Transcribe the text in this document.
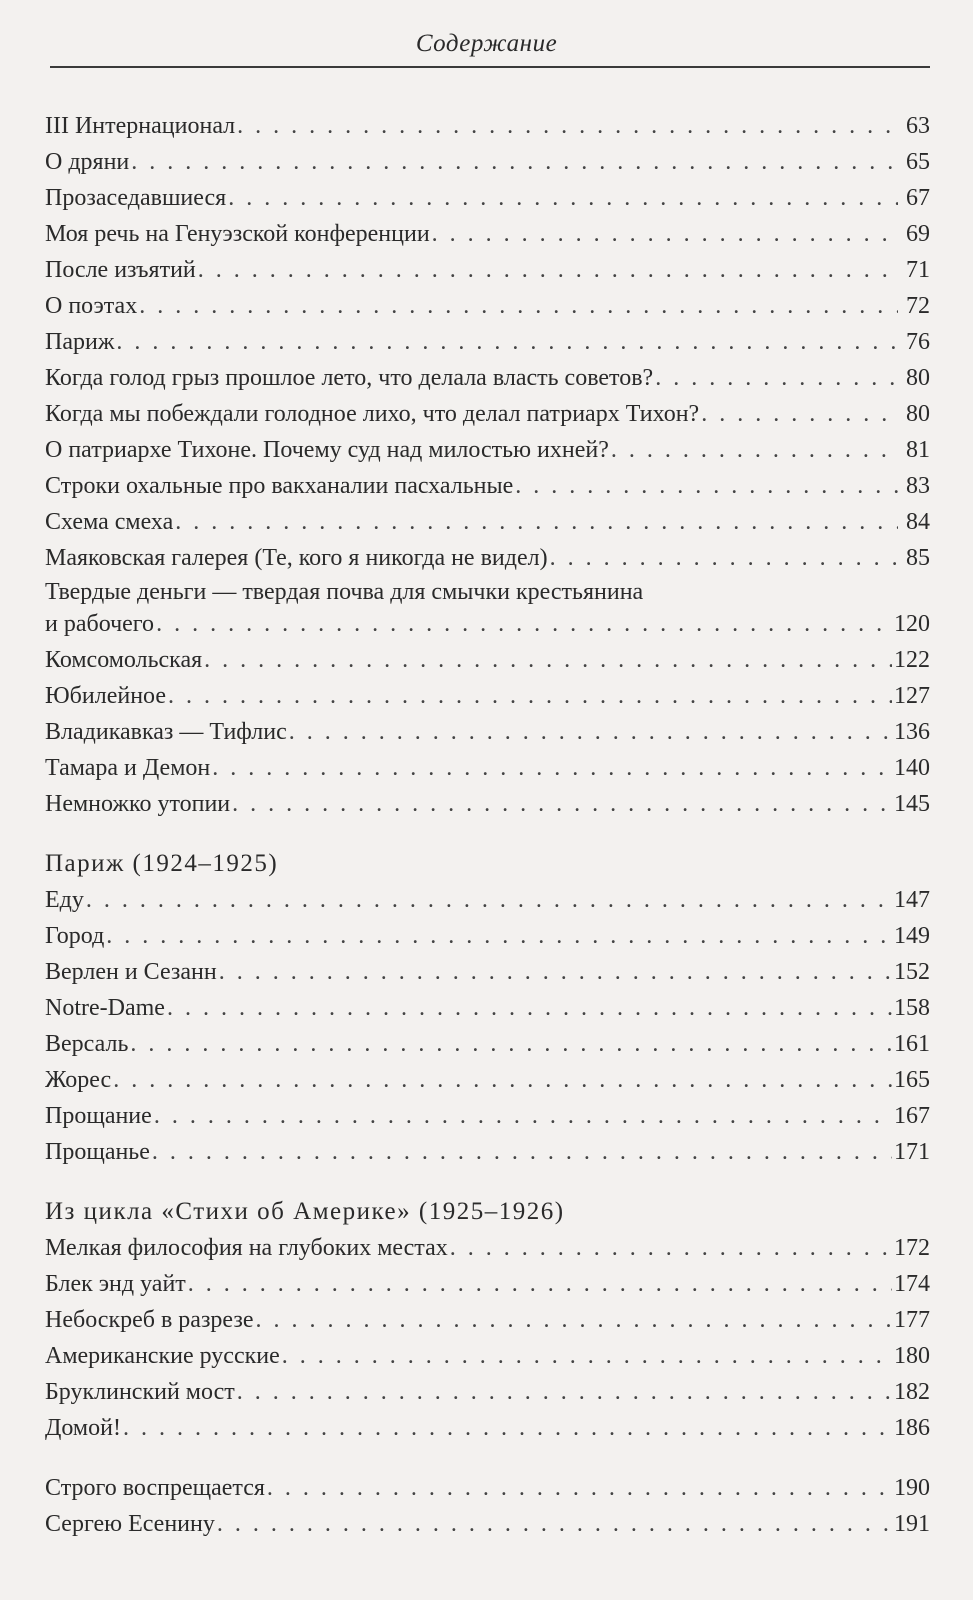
Содержание
III Интернационал . . .	63
О дряни . . .	65
Прозаседавшиеся . . .	67
Моя речь на Генуэзской конференции . . .	69
После изъятий . . .	71
О поэтах . . .	72
Париж . . .	76
Когда голод грыз прошлое лето, что делала власть советов? . . .	80
Когда мы побеждали голодное лихо, что делал патриарх Тихон? . . .	80
О патриархе Тихоне. Почему суд над милостью ихней? . . .	81
Строки охальные про вакханалии пасхальные . . .	83
Схема смеха . . .	84
Маяковская галерея (Те, кого я никогда не видел) . . .	85
Твердые деньги — твердая почва для смычки крестьянина
и рабочего . . .	120
Комсомольская . . .	122
Юбилейное . . .	127
Владикавказ — Тифлис . . .	136
Тамара и Демон . . .	140
Немножко утопии . . .	145
Париж (1924–1925)
Еду . . .	147
Город . . .	149
Верлен и Сезанн . . .	152
Notre-Dame . . .	158
Версаль . . .	161
Жорес . . .	165
Прощание . . .	167
Прощанье . . .	171
Из цикла «Стихи об Америке» (1925–1926)
Мелкая философия на глубоких местах . . .	172
Блек энд уайт . . .	174
Небоскреб в разрезе . . .	177
Американские русские . . .	180
Бруклинский мост . . .	182
Домой! . . .	186
Строго воспрещается . . .	190
Сергею Есенину . . .	191
